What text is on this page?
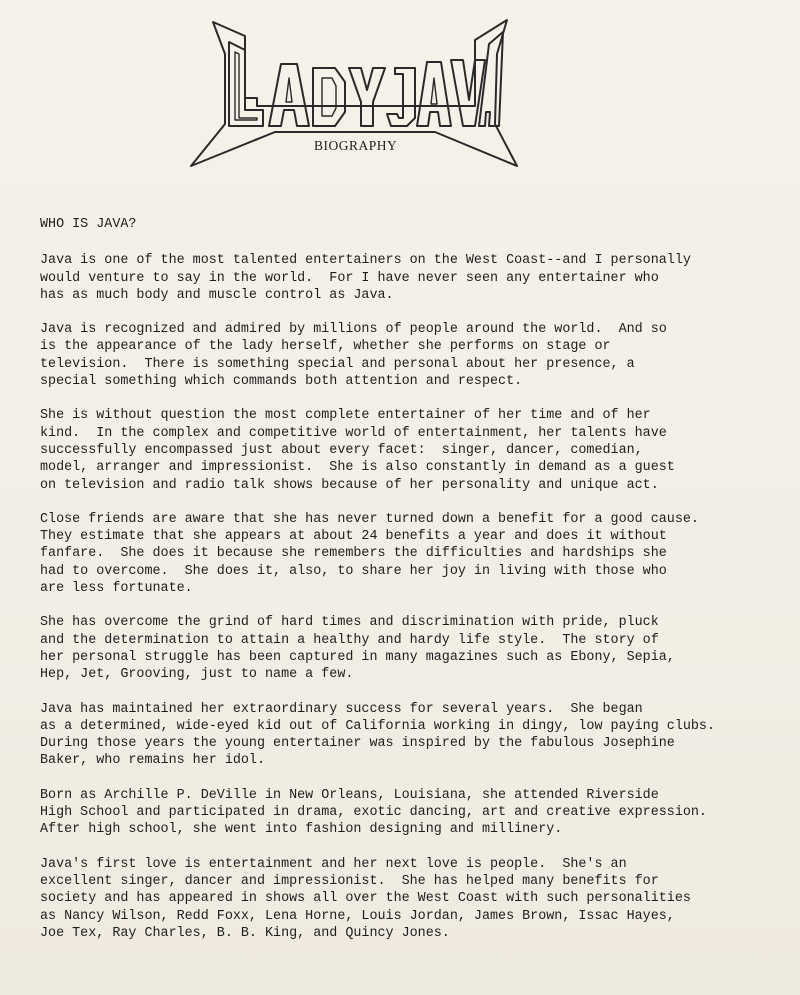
BIOGRAPHY
WHO IS JAVA?
Java is one of the most talented entertainers on the West Coast--and I personally
would venture to say in the world.  For I have never seen any entertainer who
has as much body and muscle control as Java.
Java is recognized and admired by millions of people around the world.  And so
is the appearance of the lady herself, whether she performs on stage or
television.  There is something special and personal about her presence, a
special something which commands both attention and respect.
She is without question the most complete entertainer of her time and of her
kind.  In the complex and competitive world of entertainment, her talents have
successfully encompassed just about every facet:  singer, dancer, comedian,
model, arranger and impressionist.  She is also constantly in demand as a guest
on television and radio talk shows because of her personality and unique act.
Close friends are aware that she has never turned down a benefit for a good cause.
They estimate that she appears at about 24 benefits a year and does it without
fanfare.  She does it because she remembers the difficulties and hardships she
had to overcome.  She does it, also, to share her joy in living with those who
are less fortunate.
She has overcome the grind of hard times and discrimination with pride, pluck
and the determination to attain a healthy and hardy life style.  The story of
her personal struggle has been captured in many magazines such as Ebony, Sepia,
Hep, Jet, Grooving, just to name a few.
Java has maintained her extraordinary success for several years.  She began
as a determined, wide-eyed kid out of California working in dingy, low paying clubs.
During those years the young entertainer was inspired by the fabulous Josephine
Baker, who remains her idol.
Born as Archille P. DeVille in New Orleans, Louisiana, she attended Riverside
High School and participated in drama, exotic dancing, art and creative expression.
After high school, she went into fashion designing and millinery.
Java's first love is entertainment and her next love is people.  She's an
excellent singer, dancer and impressionist.  She has helped many benefits for
society and has appeared in shows all over the West Coast with such personalities
as Nancy Wilson, Redd Foxx, Lena Horne, Louis Jordan, James Brown, Issac Hayes,
Joe Tex, Ray Charles, B. B. King, and Quincy Jones.
